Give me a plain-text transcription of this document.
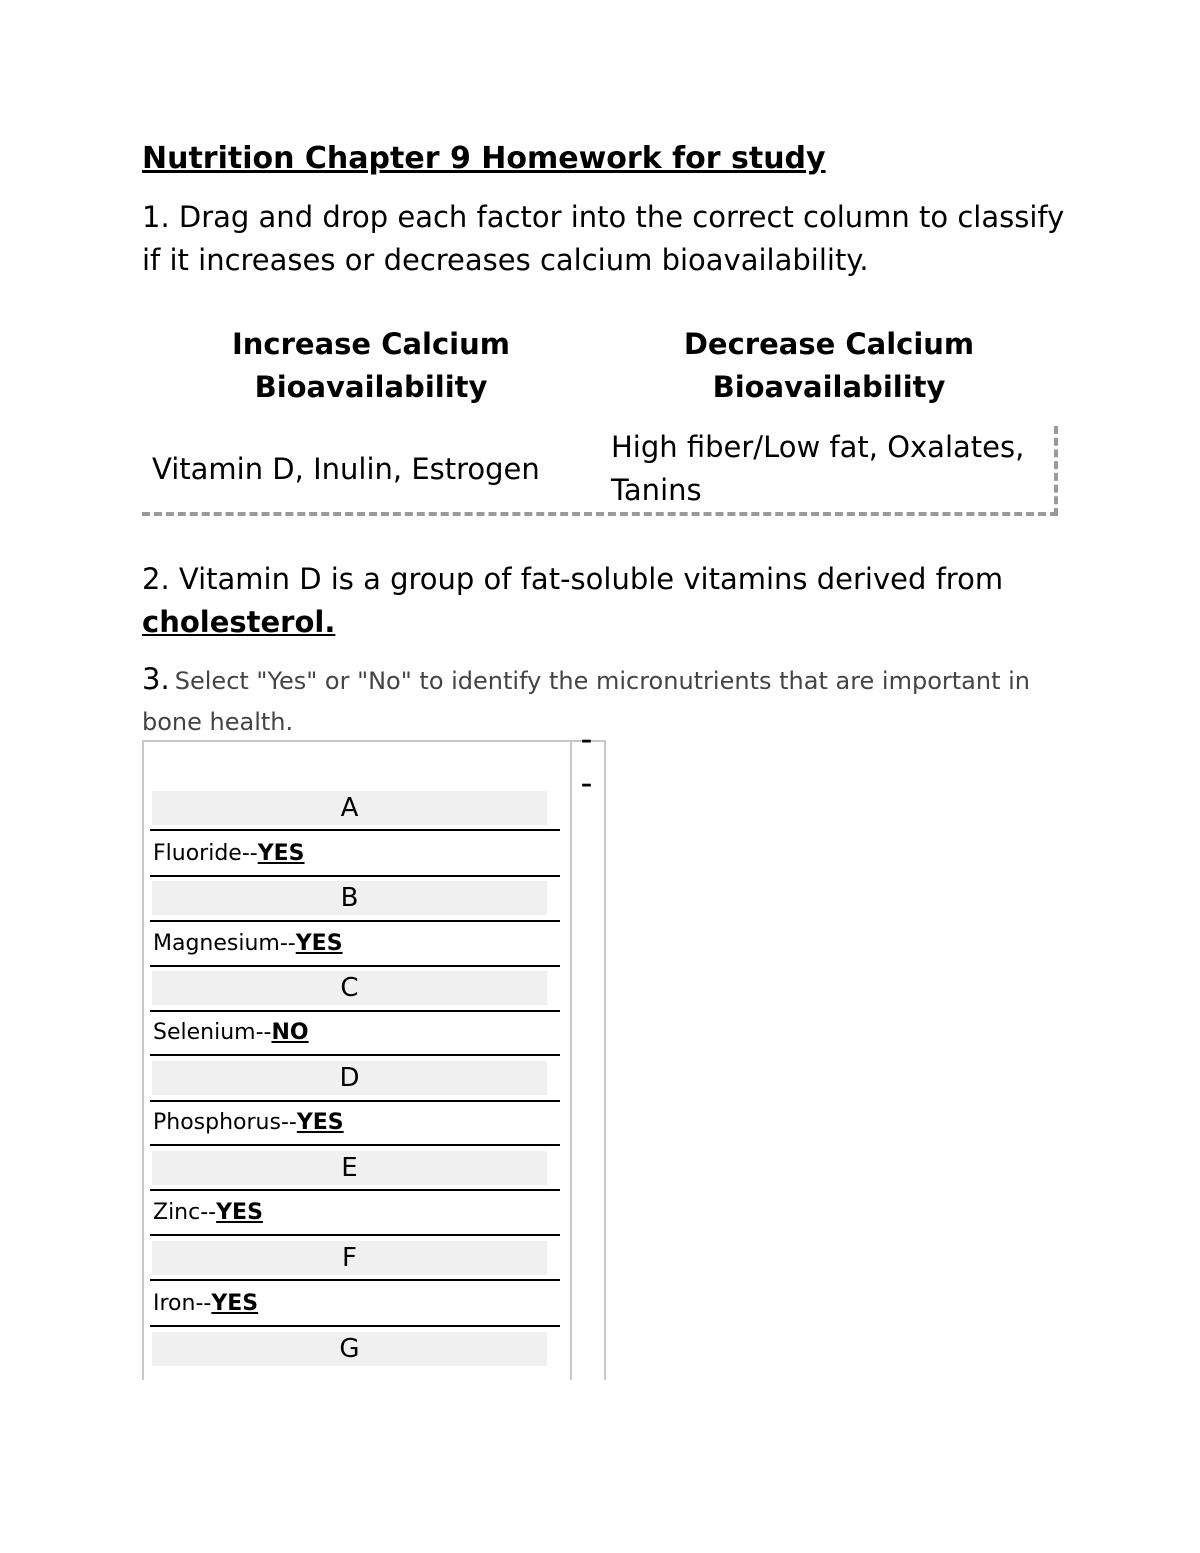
Nutrition Chapter 9 Homework for study
1. Drag and drop each factor into the correct column to classify if it increases or decreases calcium bioavailability.
Increase Calcium
Bioavailability
Decrease Calcium
Bioavailability
Vitamin D, Inulin, Estrogen
High fiber/Low fat, Oxalates, Tanins
2. Vitamin D is a group of fat-soluble vitamins derived from cholesterol.
3. Select "Yes" or "No" to identify the micronutrients that are important in bone health.
–
–
A
Fluoride--YES
B
Magnesium--YES
C
Selenium--NO
D
Phosphorus--YES
E
Zinc--YES
F
Iron--YES
G
